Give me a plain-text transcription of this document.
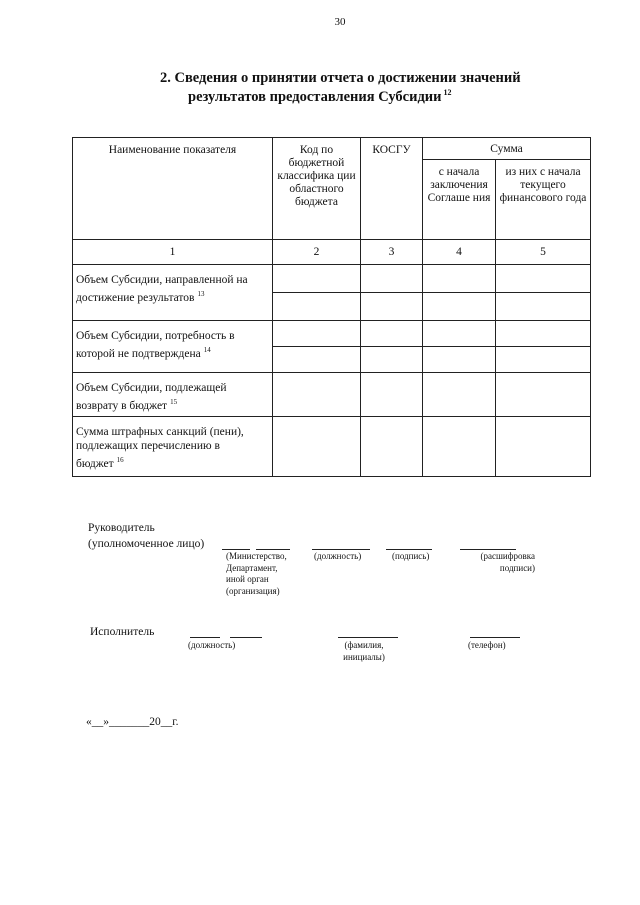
30
2. Сведения о принятии отчета о достижении значений
результатов предоставления Субсидии $^{12}$
Наименование показателя	Код по бюджетной классифика ции областного бюджета	КОСГУ	Сумма	
			с начала заключения Соглаше ния	из них с начала текущего финансового года
1	2	3	4	5
Объем Субсидии, направленной на достижение результатов $^{13}$				

Объем Субсидии, потребность в которой не подтверждена $^{14}$				

Объем Субсидии, подлежащей возврату в бюджет $^{15}$				
Сумма штрафных санкций (пени), подлежащих перечислению в бюджет $^{16}$				
Руководитель
(уполномоченное лицо)
(Министерство, Департамент, иной орган (организация)
(должность)	(подпись)	(расшифровка подписи)
Исполнитель
(должность)	(фамилия, инициалы)
(телефон)
«__»_______20__г.
